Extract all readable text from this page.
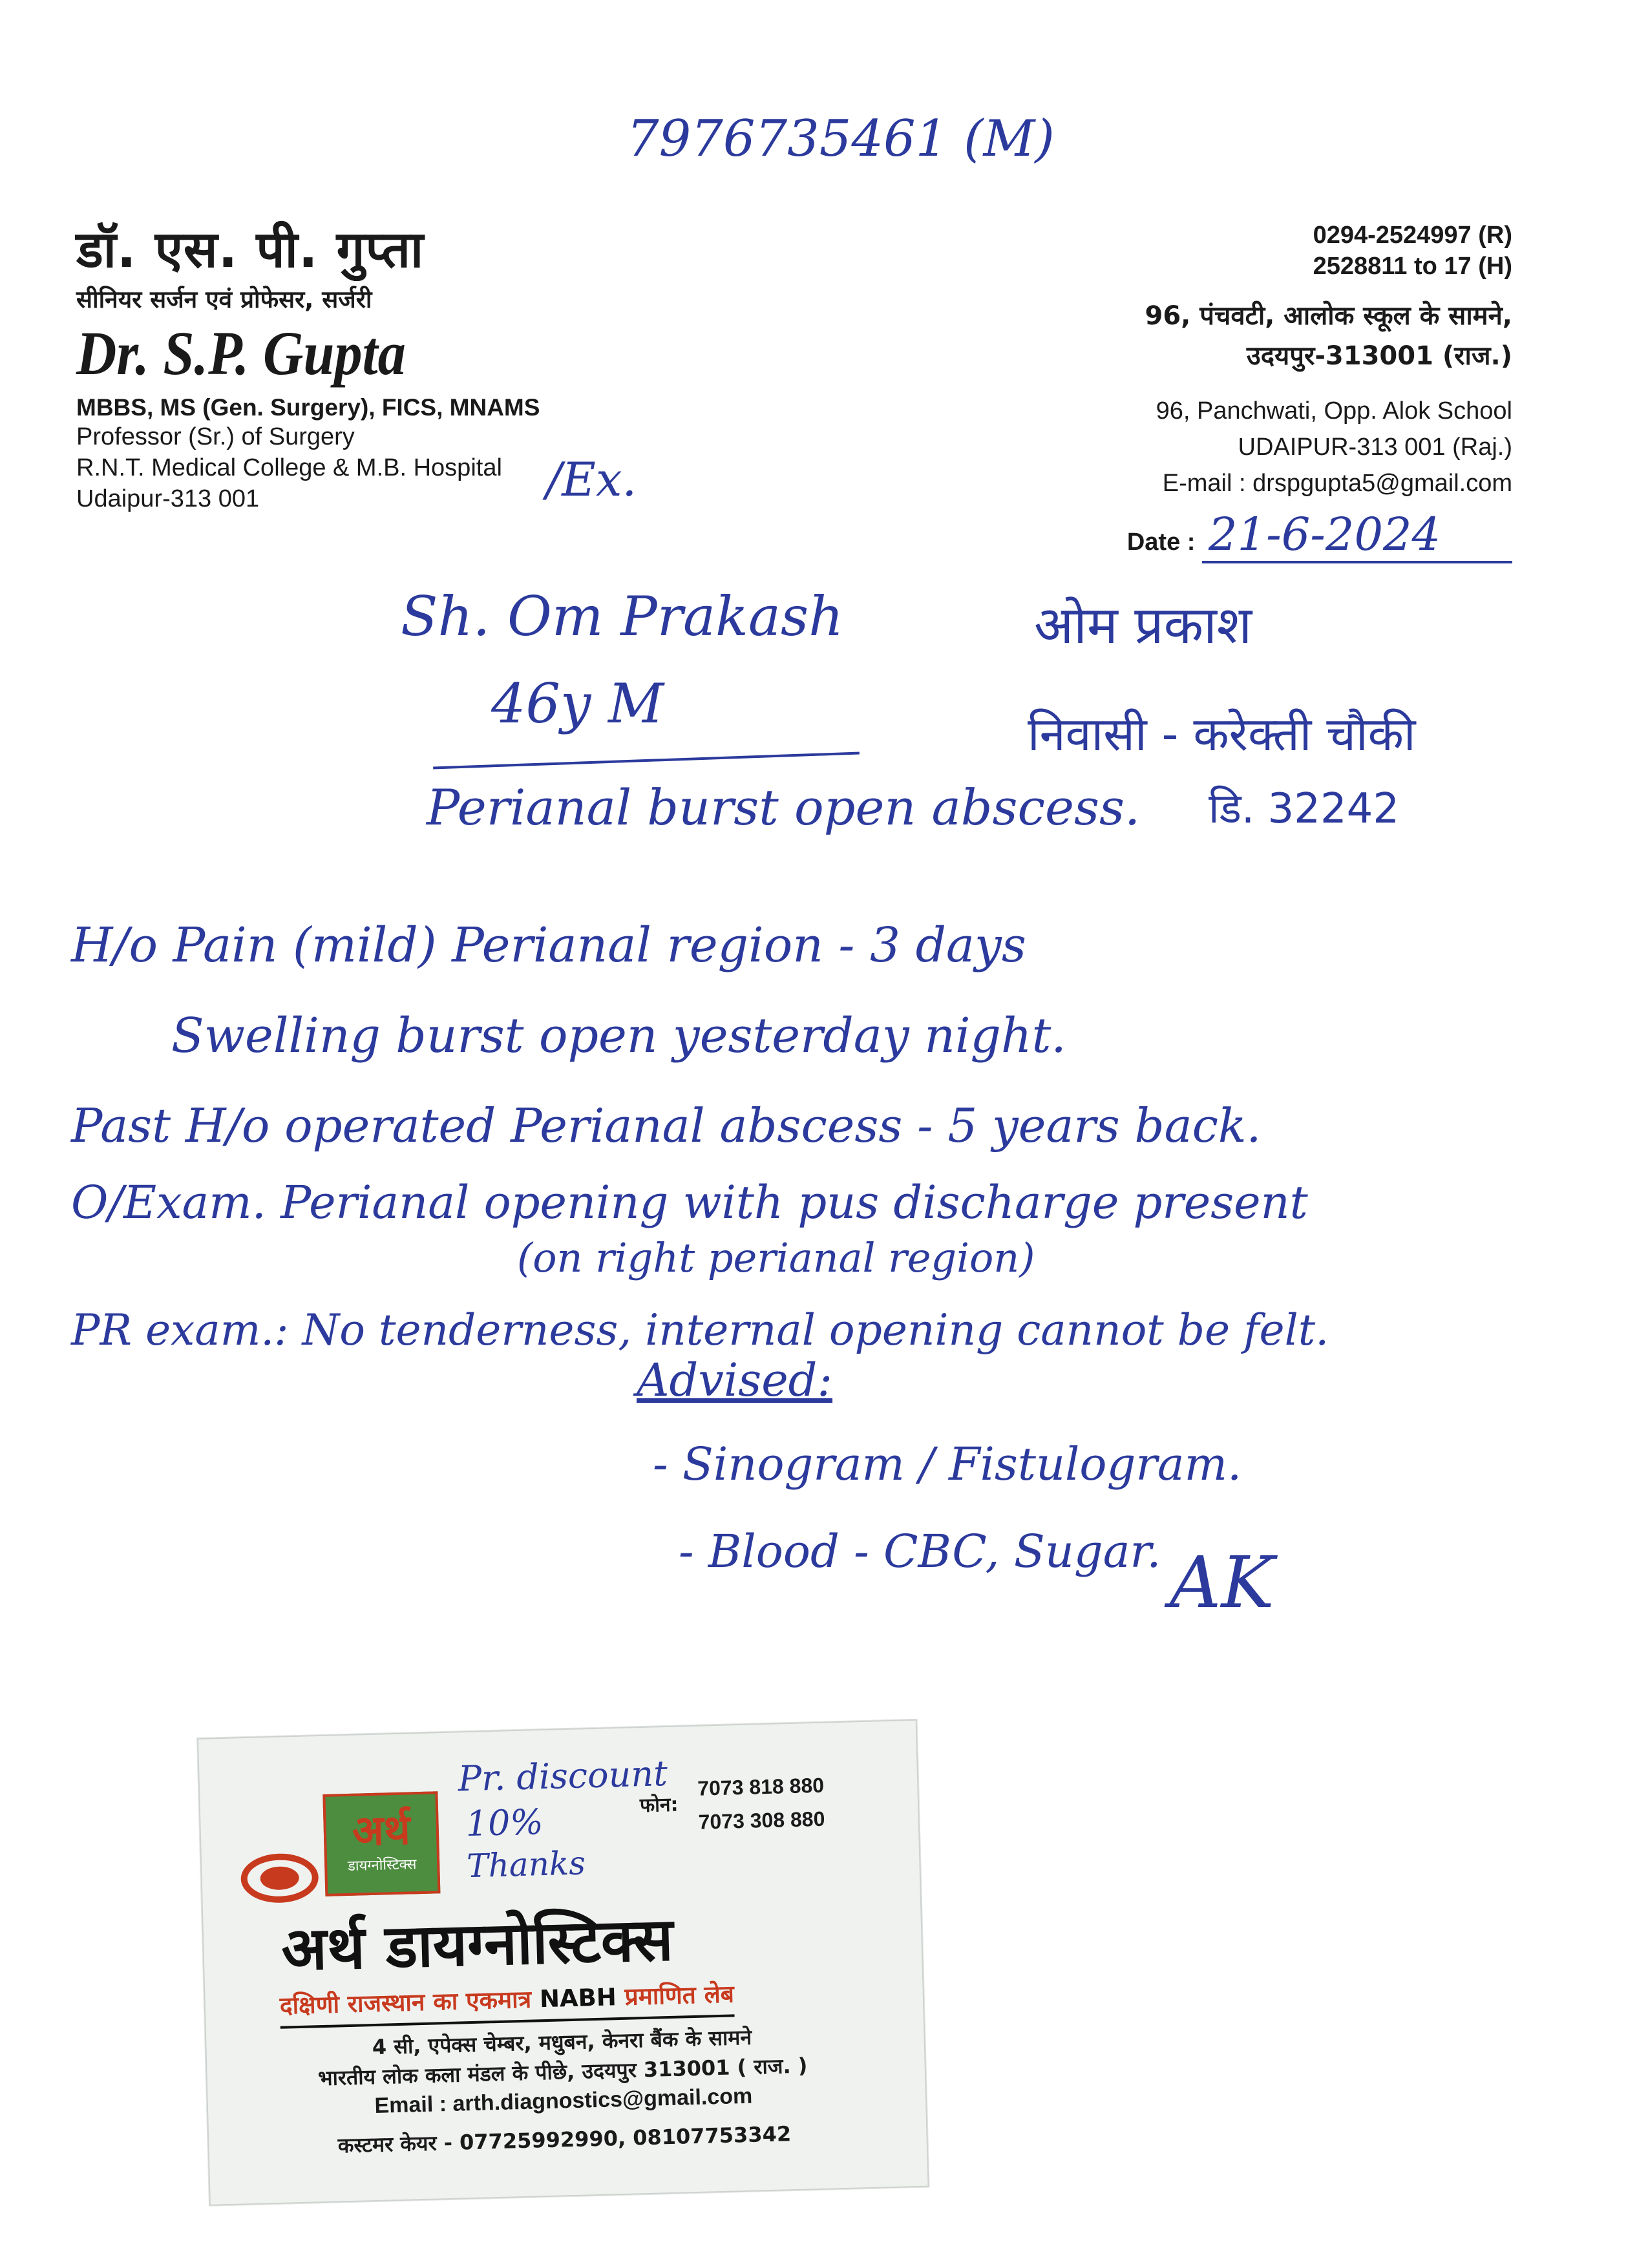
7976735461 (M)
डॉ. एस. पी. गुप्ता
सीनियर सर्जन एवं प्रोफेसर, सर्जरी
Dr. S.P. Gupta
MBBS, MS (Gen. Surgery), FICS, MNAMS
Professor (Sr.) of Surgery
R.N.T. Medical College & M.B. Hospital
Udaipur-313 001	/Ex.
0294-2524997 (R)
2528811 to 17 (H)
96, पंचवटी, आलोक स्कूल के सामने,
उदयपुर-313001 (राज.)
96, Panchwati, Opp. Alok School
UDAIPUR-313 001 (Raj.)
E-mail : drspgupta5@gmail.com
Date : 21-6-2024
Sh. Om Prakash	ओम प्रकाश
46y M	निवासी - करेक्ती चौकी
डि. 32242
Perianal burst open abscess.
H/o Pain (mild) Perianal region - 3 days
Swelling burst open yesterday night.
Past H/o operated Perianal abscess - 5 years back.
O/Exam. Perianal opening with pus discharge present
(on right perianal region)
PR exam.: No tenderness, internal opening cannot be felt.
Advised:
- Sinogram / Fistulogram.
- Blood - CBC, Sugar. AK
अर्थ
डायग्नोस्टिक्स
Pr. discount
10%
Thanks
फोन:
7073 818 880
7073 308 880
अर्थ डायग्नोस्टिक्स
दक्षिणी राजस्थान का एकमात्र NABH प्रमाणित लेब
4 सी, एपेक्स चेम्बर, मधुबन, केनरा बैंक के सामने
भारतीय लोक कला मंडल के पीछे, उदयपुर 313001 ( राज. )
Email : arth.diagnostics@gmail.com
कस्टमर केयर - 07725992990, 08107753342
